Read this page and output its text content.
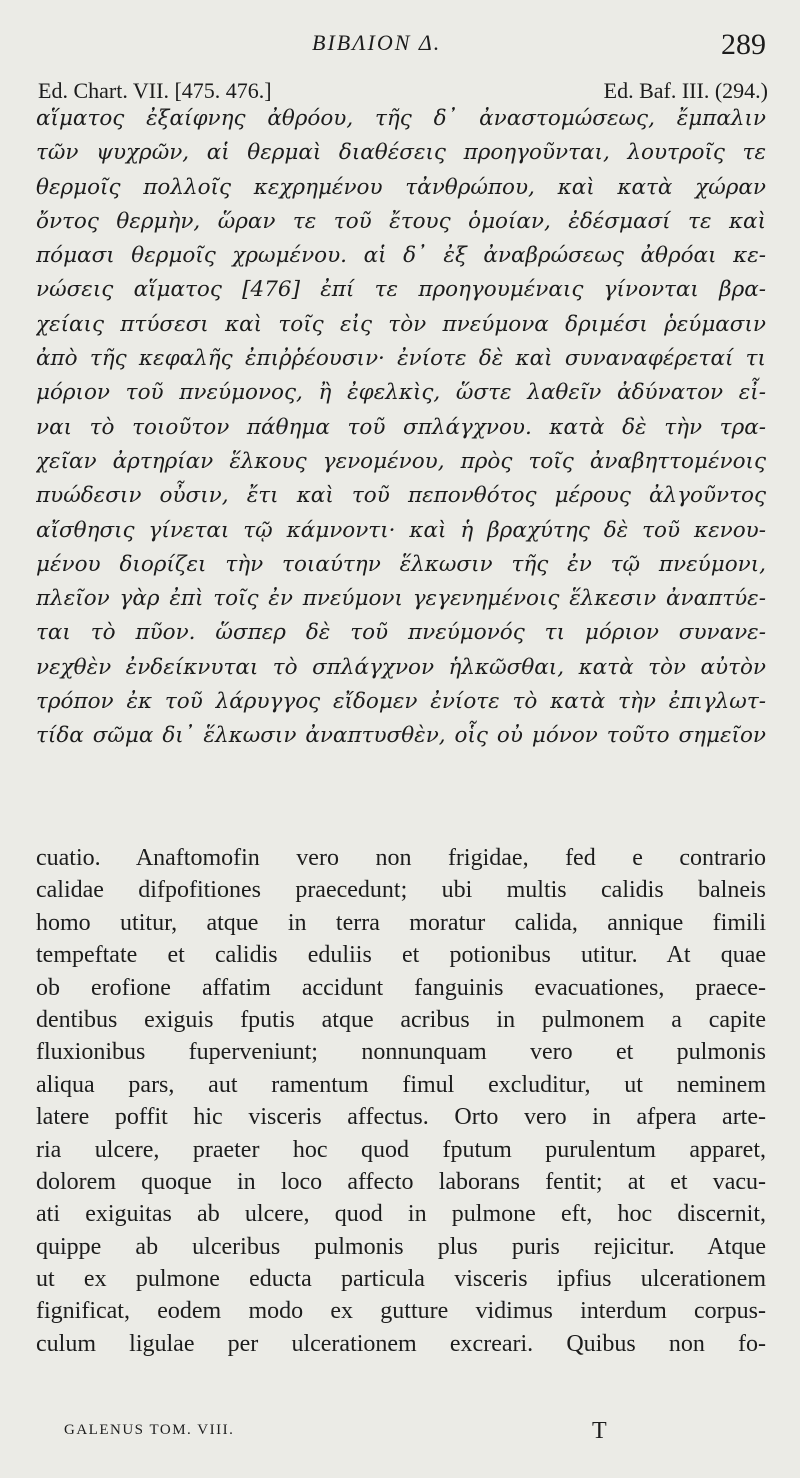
BIBΛION Δ.	289
Ed. Chart. VII. [475. 476.]	Ed. Baf. III. (294.)
αἵματος ἐξαίφνης ἀθρόου, τῆς δ᾽ ἀναστομώσεως, ἔμπαλιν
τῶν ψυχρῶν, αἱ θερμαὶ διαθέσεις προηγοῦνται, λουτροῖς τε
θερμοῖς πολλοῖς κεχρημένου τἀνθρώπου, καὶ κατὰ χώραν
ὄντος θερμὴν, ὥραν τε τοῦ ἔτους ὁμοίαν, ἐδέσμασί τε καὶ
πόμασι θερμοῖς χρωμένου. αἱ δ᾽ ἐξ ἀναβρώσεως ἀθρόαι κε-
νώσεις αἵματος [476] ἐπί τε προηγουμέναις γίνονται βρα-
χείαις πτύσεσι καὶ τοῖς εἰς τὸν πνεύμονα δριμέσι ῥεύμασιν
ἀπὸ τῆς κεφαλῆς ἐπιῤῥέουσιν· ἐνίοτε δὲ καὶ συναναφέρεταί τι
μόριον τοῦ πνεύμονος, ἢ ἐφελκὶς, ὥστε λαθεῖν ἀδύνατον εἶ-
ναι τὸ τοιοῦτον πάθημα τοῦ σπλάγχνου. κατὰ δὲ τὴν τρα-
χεῖαν ἀρτηρίαν ἕλκους γενομένου, πρὸς τοῖς ἀναβηττομένοις
πυώδεσιν οὖσιν, ἔτι καὶ τοῦ πεπονθότος μέρους ἀλγοῦντος
αἴσθησις γίνεται τῷ κάμνοντι· καὶ ἡ βραχύτης δὲ τοῦ κενου-
μένου διορίζει τὴν τοιαύτην ἕλκωσιν τῆς ἐν τῷ πνεύμονι,
πλεῖον γὰρ ἐπὶ τοῖς ἐν πνεύμονι γεγενημένοις ἕλκεσιν ἀναπτύε-
ται τὸ πῦον. ὥσπερ δὲ τοῦ πνεύμονός τι μόριον συνανε-
νεχθὲν ἐνδείκνυται τὸ σπλάγχνον ἡλκῶσθαι, κατὰ τὸν αὐτὸν
τρόπον ἐκ τοῦ λάρυγγος εἴδομεν ἐνίοτε τὸ κατὰ τὴν ἐπιγλωτ-
τίδα σῶμα δι᾽ ἕλκωσιν ἀναπτυσθὲν, οἷς οὐ μόνον τοῦτο σημεῖον
cuatio. Anaftomofin vero non frigidae, fed e contrario
calidae difpofitiones praecedunt; ubi multis calidis balneis
homo utitur, atque in terra moratur calida, annique fimili
tempeftate et calidis eduliis et potionibus utitur. At quae
ob erofione affatim accidunt fanguinis evacuationes, praece-
dentibus exiguis fputis atque acribus in pulmonem a capite
fluxionibus fuperveniunt; nonnunquam vero et pulmonis
aliqua pars, aut ramentum fimul excluditur, ut neminem
latere poffit hic visceris affectus. Orto vero in afpera arte-
ria ulcere, praeter hoc quod fputum purulentum apparet,
dolorem quoque in loco affecto laborans fentit; at et vacu-
ati exiguitas ab ulcere, quod in pulmone eft, hoc discernit,
quippe ab ulceribus pulmonis plus puris rejicitur. Atque
ut ex pulmone educta particula visceris ipfius ulcerationem
fignificat, eodem modo ex gutture vidimus interdum corpus-
culum ligulae per ulcerationem excreari. Quibus non fo-
GALENUS TOM. VIII.	T
